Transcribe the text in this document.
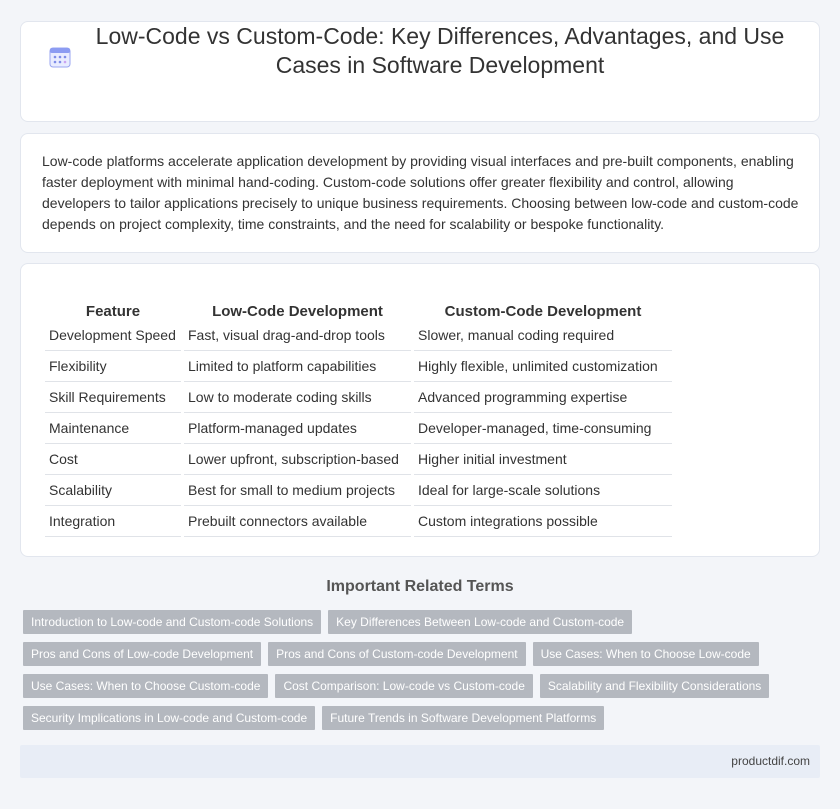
Low-Code vs Custom-Code: Key Differences, Advantages, and Use Cases in Software Development

Low-code platforms accelerate application development by providing visual interfaces and pre-built components, enabling faster deployment with minimal hand-coding. Custom-code solutions offer greater flexibility and control, allowing developers to tailor applications precisely to unique business requirements. Choosing between low-code and custom-code depends on project complexity, time constraints, and the need for scalability or bespoke functionality.

Feature	Low-Code Development	Custom-Code Development
Development Speed	Fast, visual drag-and-drop tools	Slower, manual coding required
Flexibility	Limited to platform capabilities	Highly flexible, unlimited customization
Skill Requirements	Low to moderate coding skills	Advanced programming expertise
Maintenance	Platform-managed updates	Developer-managed, time-consuming
Cost	Lower upfront, subscription-based	Higher initial investment
Scalability	Best for small to medium projects	Ideal for large-scale solutions
Integration	Prebuilt connectors available	Custom integrations possible
Important Related Terms
Introduction to Low-code and Custom-code Solutions	Key Differences Between Low-code and Custom-code
Pros and Cons of Low-code Development	Pros and Cons of Custom-code Development	Use Cases: When to Choose Low-code
Use Cases: When to Choose Custom-code	Cost Comparison: Low-code vs Custom-code	Scalability and Flexibility Considerations
Security Implications in Low-code and Custom-code	Future Trends in Software Development Platforms
productdif.com
